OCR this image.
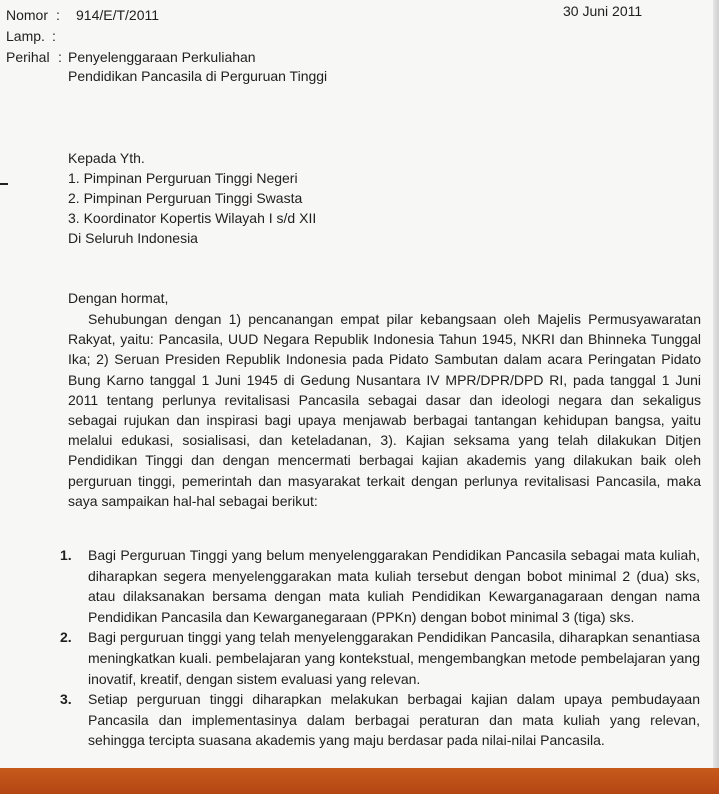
30 Juni 2011
Nomor : 914/E/T/2011
Lamp. :
Perihal : Penyelenggaraan Perkuliahan
Pendidikan Pancasila di Perguruan Tinggi
Kepada Yth.
1. Pimpinan Perguruan Tinggi Negeri
2. Pimpinan Perguruan Tinggi Swasta
3. Koordinator Kopertis Wilayah I s/d XII
Di Seluruh Indonesia
Dengan hormat,
Sehubungan dengan 1) pencanangan empat pilar kebangsaan oleh Majelis Permusyawaratan Rakyat, yaitu: Pancasila, UUD Negara Republik Indonesia Tahun 1945, NKRI dan Bhinneka Tunggal Ika; 2) Seruan Presiden Republik Indonesia pada Pidato Sambutan dalam acara Peringatan Pidato Bung Karno tanggal 1 Juni 1945 di Gedung Nusantara IV MPR/DPR/DPD RI, pada tanggal 1 Juni 2011 tentang perlunya revitalisasi Pancasila sebagai dasar dan ideologi negara dan sekaligus sebagai rujukan dan inspirasi bagi upaya menjawab berbagai tantangan kehidupan bangsa, yaitu melalui edukasi, sosialisasi, dan keteladanan, 3). Kajian seksama yang telah dilakukan Ditjen Pendidikan Tinggi dan dengan mencermati berbagai kajian akademis yang dilakukan baik oleh perguruan tinggi, pemerintah dan masyarakat terkait dengan perlunya revitalisasi Pancasila, maka saya sampaikan hal-hal sebagai berikut:
1. Bagi Perguruan Tinggi yang belum menyelenggarakan Pendidikan Pancasila sebagai mata kuliah, diharapkan segera menyelenggarakan mata kuliah tersebut dengan bobot minimal 2 (dua) sks, atau dilaksanakan bersama dengan mata kuliah Pendidikan Kewarganagaraan dengan nama Pendidikan Pancasila dan Kewarganegaraan (PPKn) dengan bobot minimal 3 (tiga) sks.
2. Bagi perguruan tinggi yang telah menyelenggarakan Pendidikan Pancasila, diharapkan senantiasa meningkatkan kuali. pembelajaran yang kontekstual, mengembangkan metode pembelajaran yang inovatif, kreatif, dengan sistem evaluasi yang relevan.
3. Setiap perguruan tinggi diharapkan melakukan berbagai kajian dalam upaya pembudayaan Pancasila dan implementasinya dalam berbagai peraturan dan mata kuliah yang relevan, sehingga tercipta suasana akademis yang maju berdasar pada nilai-nilai Pancasila.
